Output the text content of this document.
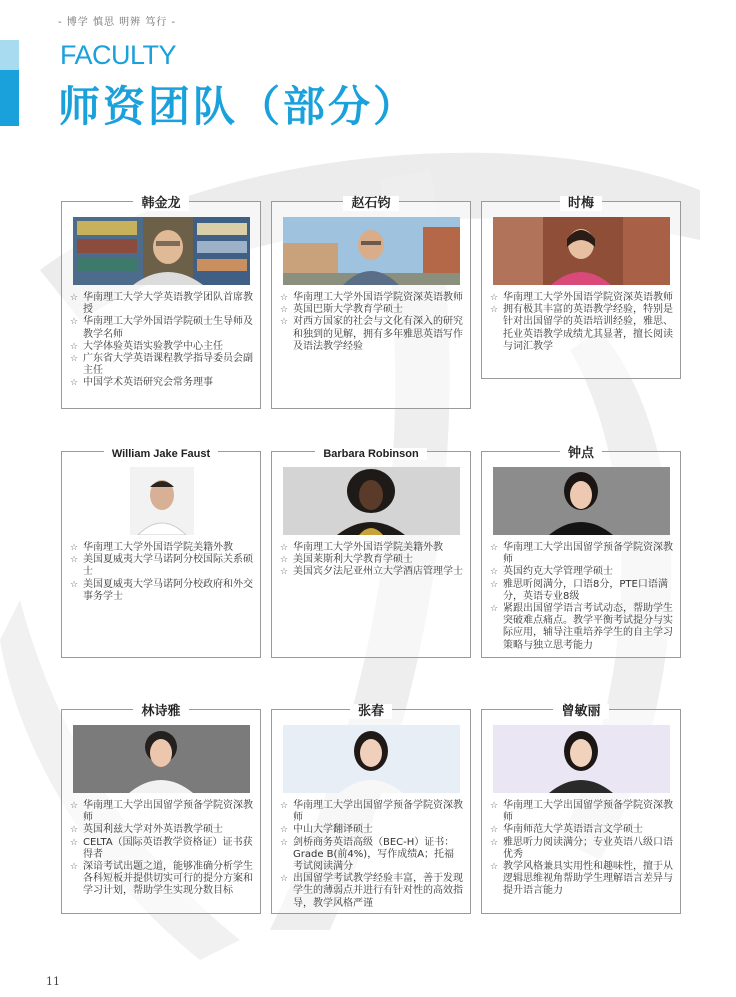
- 博学 慎思 明辨 笃行 -
FACULTY
师资团队（部分）
韩金龙
☆ 华南理工大学大学英语教学团队首席教授
☆ 华南理工大学外国语学院硕士生导师及教学名师
☆ 大学体验英语实验教学中心主任
☆ 广东省大学英语课程教学指导委员会副主任
☆ 中国学术英语研究会常务理事
赵石钧
☆ 华南理工大学外国语学院资深英语教师
☆ 英国巴斯大学教育学硕士
☆ 对西方国家的社会与文化有深入的研究和独到的见解，拥有多年雅思英语写作及语法教学经验
时梅
☆ 华南理工大学外国语学院资深英语教师
☆ 拥有极其丰富的英语教学经验，特别是针对出国留学的英语培训经验，雅思、托业英语教学成绩尤其显著，擅长阅读与词汇教学
William Jake Faust
☆ 华南理工大学外国语学院美籍外教
☆ 美国夏威夷大学马诺阿分校国际关系硕士
☆ 美国夏威夷大学马诺阿分校政府和外交事务学士
Barbara Robinson
☆ 华南理工大学外国语学院美籍外教
☆ 美国莱斯利大学教育学硕士
☆ 美国宾夕法尼亚州立大学酒店管理学士
钟点
☆ 华南理工大学出国留学预备学院资深教师
☆ 英国约克大学管理学硕士
☆ 雅思听阅满分，口语8分，PTE口语满分，英语专业8级
☆ 紧跟出国留学语言考试动态，帮助学生突破难点痛点。教学平衡考试提分与实际应用，辅导注重培养学生的自主学习策略与独立思考能力
林诗雅
☆ 华南理工大学出国留学预备学院资深教师
☆ 英国利兹大学对外英语教学硕士
☆ CELTA（国际英语教学资格证）证书获得者
☆ 深谙考试出题之道，能够准确分析学生各科短板并提供切实可行的提分方案和学习计划，帮助学生实现分数目标
张春
☆ 华南理工大学出国留学预备学院资深教师
☆ 中山大学翻译硕士
☆ 剑桥商务英语高级（BEC-H）证书：Grade B(前4%)，写作成绩A；托福考试阅读满分
☆ 出国留学考试教学经验丰富，善于发现学生的薄弱点并进行有针对性的高效指导，教学风格严谨
曾敏丽
☆ 华南理工大学出国留学预备学院资深教师
☆ 华南师范大学英语语言文学硕士
☆ 雅思听力阅读满分；专业英语八级口语优秀
☆ 教学风格兼具实用性和趣味性，擅于从逻辑思维视角帮助学生理解语言差异与提升语言能力
11
